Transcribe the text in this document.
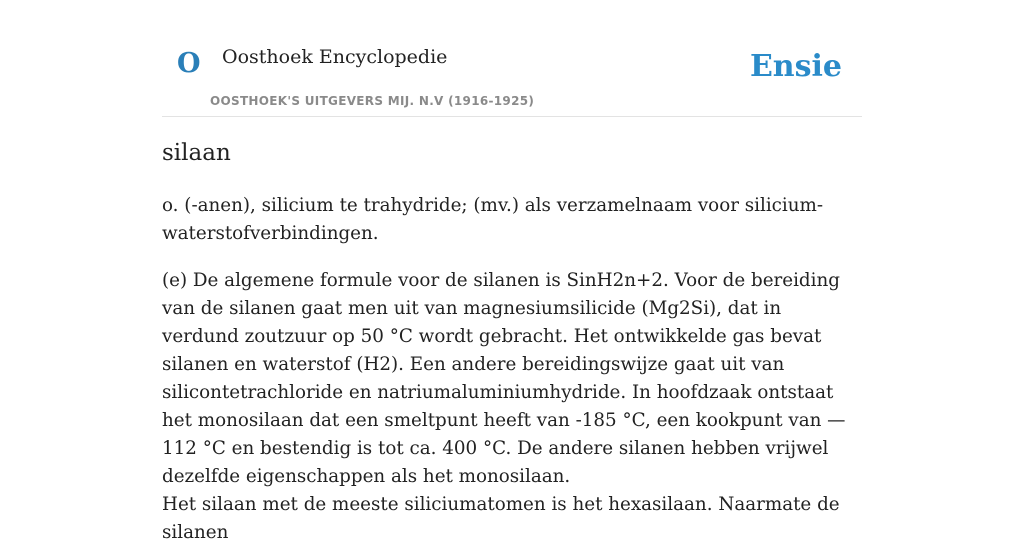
O Oosthoek Encyclopedie
OOSTHOEK'S UITGEVERS MIJ. N.V (1916-1925)
Ensie
silaan

o. (-anen), silicium te trahydride; (mv.) als verzamelnaam voor silicium-waterstofverbindingen.

(e) De algemene formule voor de silanen is SinH2n+2. Voor de bereiding van de silanen gaat men uit van magnesiumsilicide (Mg2Si), dat in verdund zoutzuur op 50 °C wordt gebracht. Het ontwikkelde gas bevat silanen en waterstof (H2). Een andere bereidingswijze gaat uit van silicontetrachloride en natriumaluminiumhydride. In hoofdzaak ontstaat het monosilaan dat een smeltpunt heeft van -185 °C, een kookpunt van —112 °C en bestendig is tot ca. 400 °C. De andere silanen hebben vrijwel dezelfde eigenschappen als het monosilaan.

Het silaan met de meeste siliciumatomen is het hexasilaan. Naarmate de silanen
